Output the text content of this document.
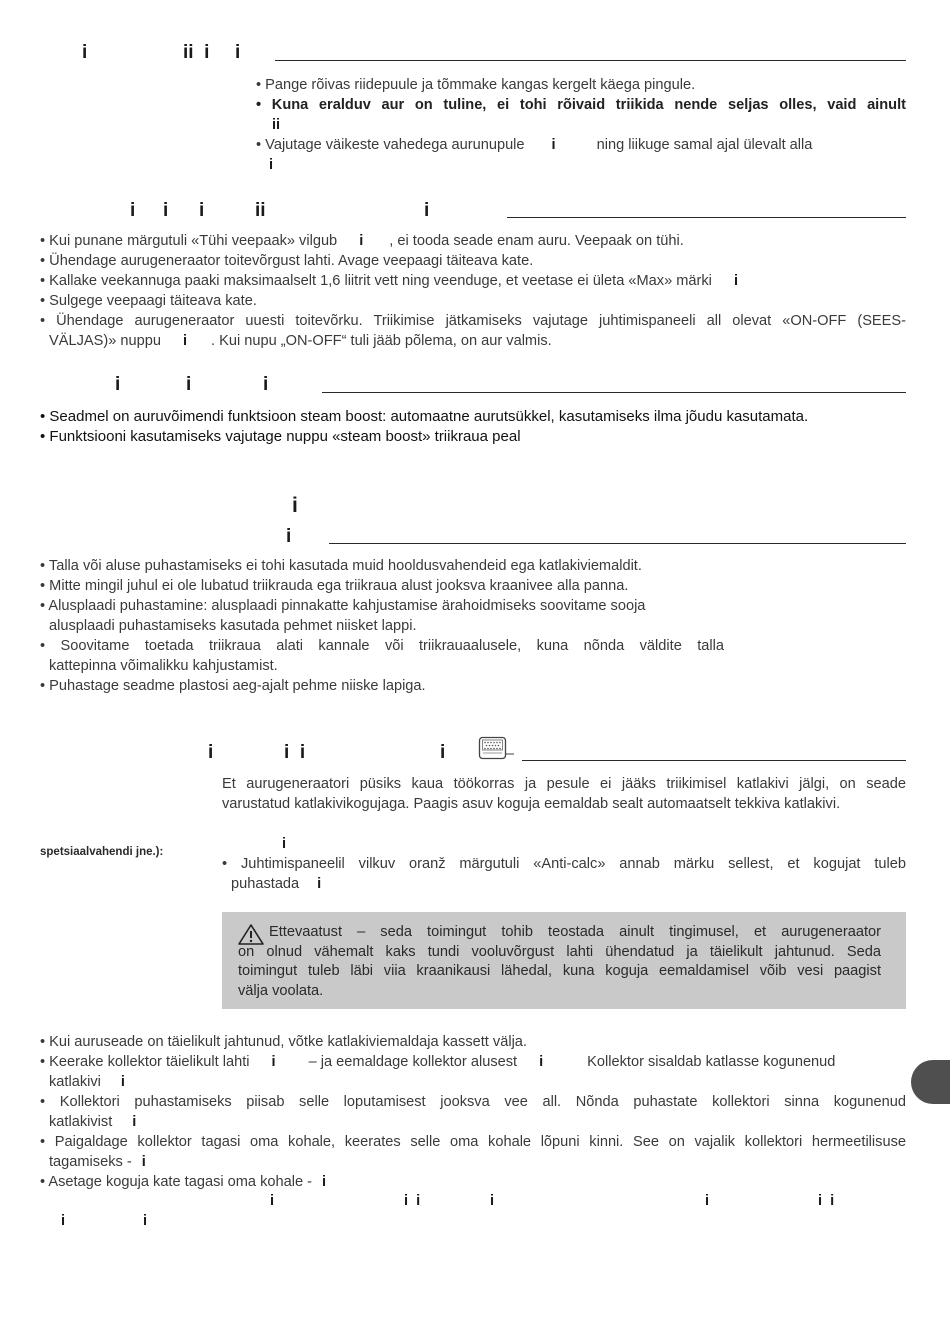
i	ii  i i
• Pange rõivas riidepuule ja tõmmake kangas kergelt käega pingule.
• Kuna eralduv aur on tuline, ei tohi rõivaid triikida nende seljas olles, vaid ainult
ii
• Vajutage väikeste vahedega aurunupule i	ning liikuge samal ajal ülevalt alla
i
i i i	ii	i
• Kui punane märgutuli «Tühi veepaak» vilgub i , ei tooda seade enam auru. Veepaak on tühi.
• Ühendage aurugeneraator toitevõrgust lahti. Avage veepaagi täiteava kate.
• Kallake veekannuga paaki maksimaalselt 1,6 liitrit vett ning veenduge, et veetase ei ületa «Max» märki i
• Sulgege veepaagi täiteava kate.
• Ühendage aurugeneraator uuesti toitevõrku. Triikimise jätkamiseks vajutage juhtimispaneeli all olevat «ON-OFF (SEES-
VÄLJAS)» nuppu i . Kui nupu „ON-OFF“ tuli jääb põlema, on aur valmis.
i	i	i
• Seadmel on auruvõimendi funktsioon steam boost: automaatne aurutsükkel, kasutamiseks ilma jõudu kasutamata.
• Funktsiooni kasutamiseks vajutage nuppu «steam boost» triikraua peal
i
i
• Talla või aluse puhastamiseks ei tohi kasutada muid hooldusvahendeid ega katlakiviemaldit.
• Mitte mingil juhul ei ole lubatud triikrauda ega triikraua alust jooksva kraanivee alla panna.
• Alusplaadi puhastamine: alusplaadi pinnakatte kahjustamise ärahoidmiseks soovitame sooja
alusplaadi puhastamiseks kasutada pehmet niisket lappi.
• Soovitame toetada triikraua alati kannale või triikrauaalusele, kuna nõnda väldite talla
kattepinna võimalikku kahjustamist.
• Puhastage seadme plastosi aeg-ajalt pehme niiske lapiga.
i	i  i	i
Et aurugeneraatori püsiks kaua töökorras ja pesule ei jääks triikimisel katlakivi jälgi, on seade
varustatud katlakivikogujaga. Paagis asuv koguja eemaldab sealt automaatselt tekkiva katlakivi.
spetsiaalvahendi jne.):	i
• Juhtimispaneelil vilkuv oranž märgutuli «Anti-calc» annab märku sellest, et kogujat tuleb
puhastada i
Ettevaatust – seda toimingut tohib teostada ainult tingimusel, et aurugeneraator
on olnud vähemalt kaks tundi vooluvõrgust lahti ühendatud ja täielikult jahtunud. Seda
toimingut tuleb läbi viia kraanikausi lähedal, kuna koguja eemaldamisel võib vesi paagist
välja voolata.
• Kui auruseade on täielikult jahtunud, võtke katlakiviemaldaja kassett välja.
• Keerake kollektor täielikult lahti i – ja eemaldage kollektor alusest i	Kollektor sisaldab katlasse kogunenud
katlakivi i
• Kollektori puhastamiseks piisab selle loputamisest jooksva vee all. Nõnda puhastate kollektori sinna kogunenud
katlakivist i
• Paigaldage kollektor tagasi oma kohale, keerates selle oma kohale lõpuni kinni. See on vajalik kollektori hermeetilisuse
tagamiseks - i
• Asetage koguja kate tagasi oma kohale - i
i	i  i	i	i	i  i
i	i
